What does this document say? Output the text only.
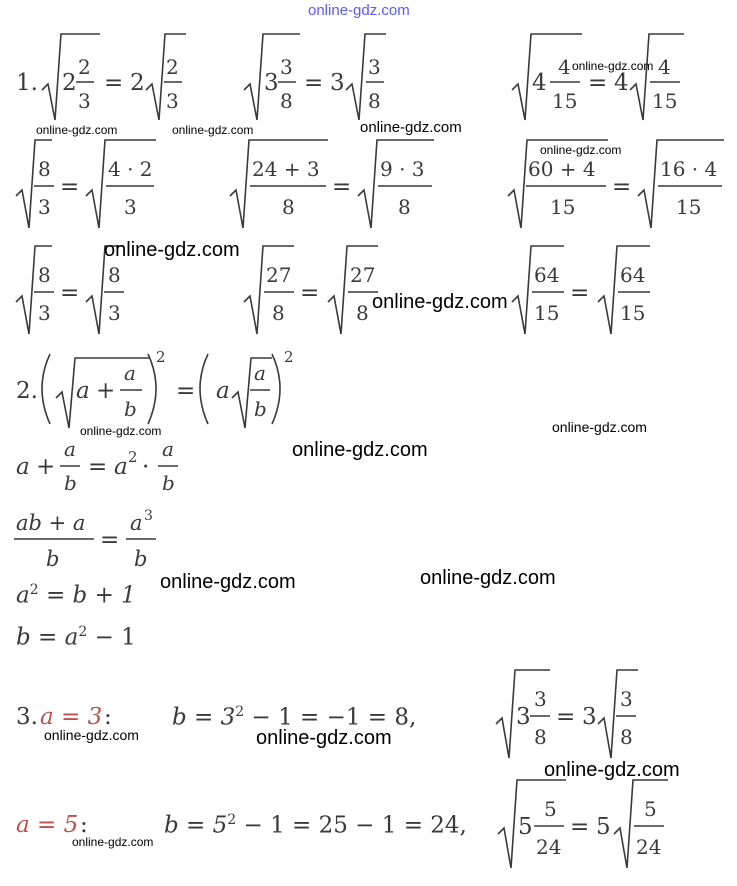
online-gdz.com
1. 2
2
3
= 2
2
3
3
3
8
= 3
3
8
4
4
15
= 4
4
15
8
3
=
4 · 2
3
24 + 3
8
=
9 · 3
8
60 + 4
15
=
16 · 4
15
8
3
=
8
3
27
8
=
27
8
64
15
=
64
15
2. a +
a
b
2
= a
a
b
2
a +
a
b
= a 2 ·
a
b
ab + a
b
=
a 3
b
$a^2 = b + 1$
$b = a^2 - 1$
3. a = 3 :	$b = 3^2 - 1 = -1 = 8$,	3
3
8
= 3
3
8
a = 5 :	$b = 5^2 - 1 = 25 - 1 = 24$, 5
5
24
= 5
5
24
online-gdz.com
online-gdz.com	online-gdz.com	online-gdz.com
online-gdz.com
online-gdz.com
online-gdz.com
online-gdz.com	online-gdz.com
online-gdz.com
online-gdz.com	online-gdz.com
online-gdz.com	online-gdz.com
online-gdz.com
online-gdz.com
